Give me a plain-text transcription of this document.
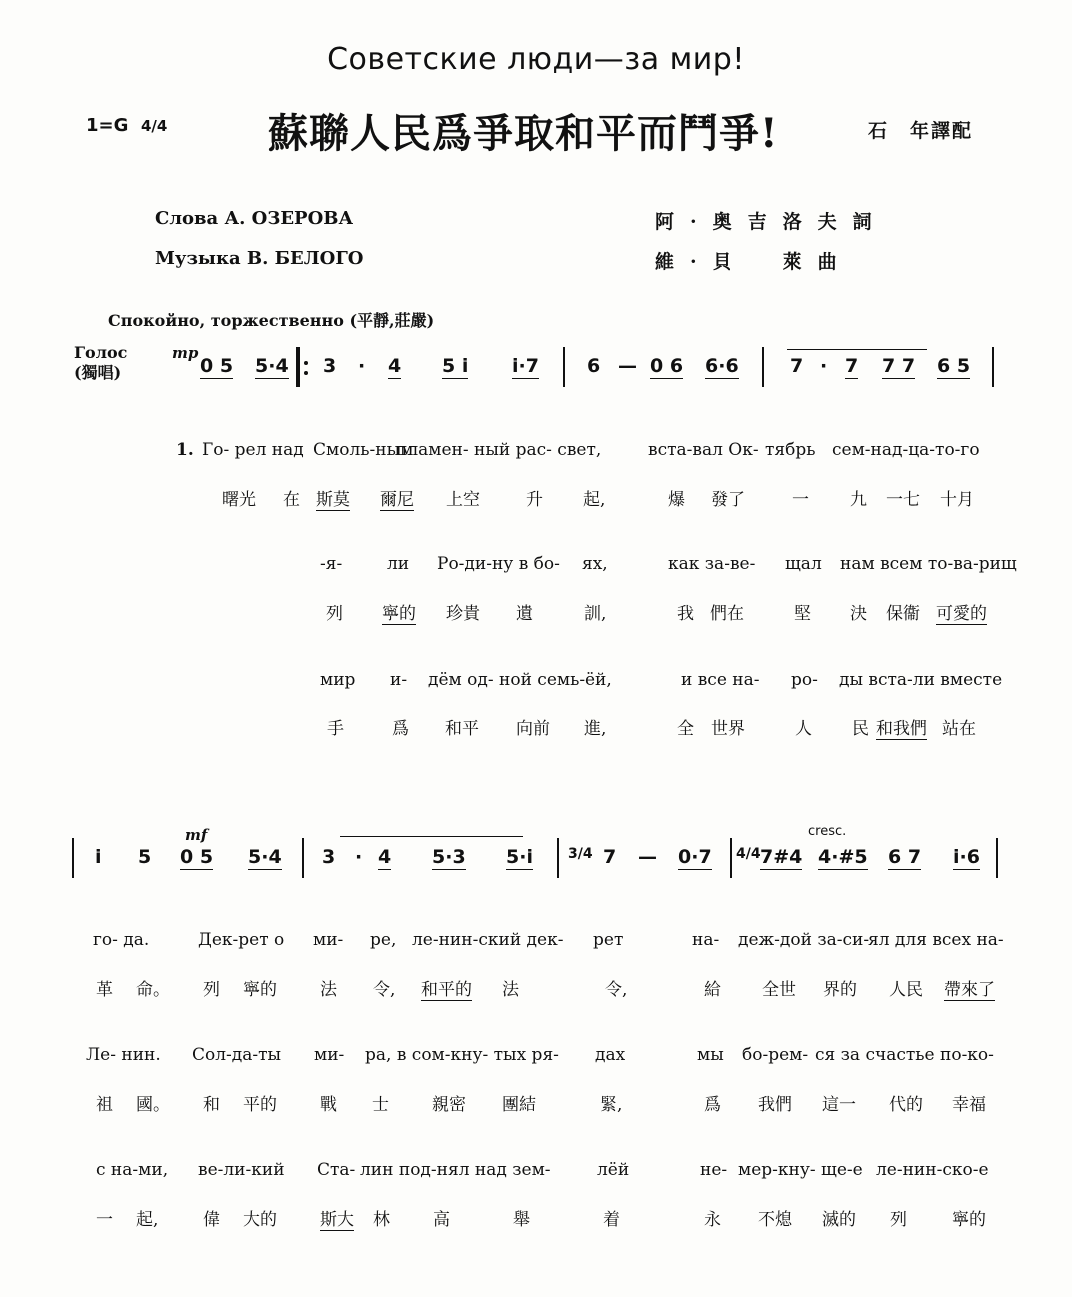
Советские люди—за мир!
1=G 4/4	蘇聯人民爲爭取和平而鬥爭!	石　年譯配
Слова А. ОЗЕРОВА	阿·奥吉洛夫詞
Музыка В. БЕЛОГО	維·貝　萊曲
Спокойно, торжественно (平靜,莊嚴)
Голос
(獨唱)
mp
0 5 5·4 3 · 4 5 i i·7	6 — 0 6 6·6	7 · 7 7 7 6 5
1. Го- рел над Смоль-ным
пламен- ный рас- свет,	вста-вал Ок- тябрь сем-над-ца-то-го
曙光 在 斯莫 爾尼 上空	升 起,	爆 發了	一 九 一七 十月
-я-	ли Ро-ди-ну в бо- ях,	как за-ве- щал нам всем то-ва-рищ
列 寧的 珍貴 遺	訓,	我 們在	堅 決 保衞 可愛的
мир и- дём од- ной семь- ёй,	и все на- ро- ды вста-ли вместе
手	爲 和平 向前 進,	全 世界	人 民 和我們 站在
mf	cresc.
i 5 0 5 5·4 3 · 4 5·3 5·i	3/4 7 — 0·7 4/4 7#4 4·#5 6 7 i·6
го- да.	Дек-рет о ми- ре, ле-нин-ский дек- рет	на- деж-дой за-си-
ял для всех на-
革 命。 列 寧的	法 令, 和平的 法	令,	給 全世 界的 人民 帶來了
Ле- нин. Сол-да-ты ми- ра, в сом-кну- тых ря- дах	мы бо-рем- ся за счастье по-ко-
祖 國。 和 平的	戰 士	親密 團結	緊,	爲 我們 這一 代的 幸福
с на-ми, ве-ли-кий Ста- лин под-нял над зем-	лёй	не- мер-кну- ще-е ле-нин-ско-е
一 起,	偉 大的	斯大 林	高	舉	着	永 不熄 滅的 列	寧的
